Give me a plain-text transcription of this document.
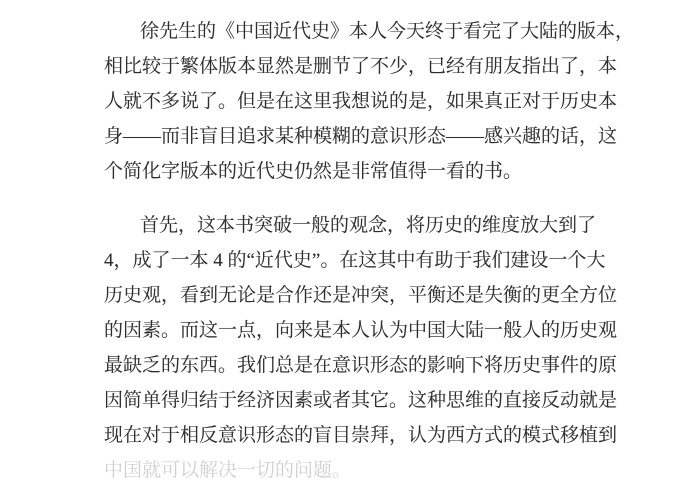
徐先生的《中国近代史》本人今天终于看完了大陆的版本，
相比较于繁体版本显然是删节了不少，已经有朋友指出了，本
人就不多说了。但是在这里我想说的是，如果真正对于历史本
身——而非盲目追求某种模糊的意识形态——感兴趣的话，这
个简化字版本的近代史仍然是非常值得一看的书。
首先，这本书突破一般的观念，将历史的维度放大到了
4，成了一本 4 的“近代史”。在这其中有助于我们建设一个大
历史观，看到无论是合作还是冲突，平衡还是失衡的更全方位
的因素。而这一点，向来是本人认为中国大陆一般人的历史观
最缺乏的东西。我们总是在意识形态的影响下将历史事件的原
因简单得归结于经济因素或者其它。这种思维的直接反动就是
现在对于相反意识形态的盲目崇拜，认为西方式的模式移植到
中国就可以解决一切的问题。
